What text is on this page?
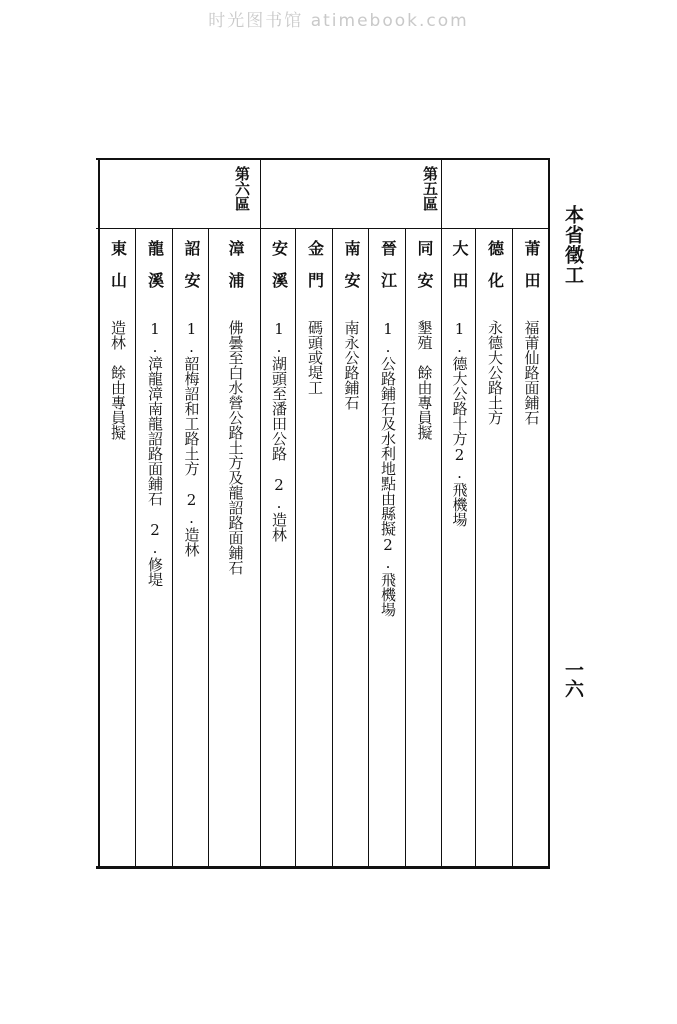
时光图书馆 atimebook.com
本省徵工
一六
第五區
第六區
莆　田
福莆仙路面鋪石
德　化
永德大公路土方
大　田
1.德大公路十方2.飛機場
同　安
墾殖　餘由專員擬
晉　江
1.公路鋪石及水利地點由縣擬2.飛機場
南　安
南永公路鋪石
金　門
碼頭或堤工
安　溪
1.湖頭至潘田公路　2.造林
漳　浦
佛曇至白水營公路土方及龍詔路面鋪石
詔　安
1.韶梅詔和工路土方　2.造林
龍　溪
1.漳龍漳南龍詔路面鋪石　2.修堤
東　山
造林　餘由專員擬
